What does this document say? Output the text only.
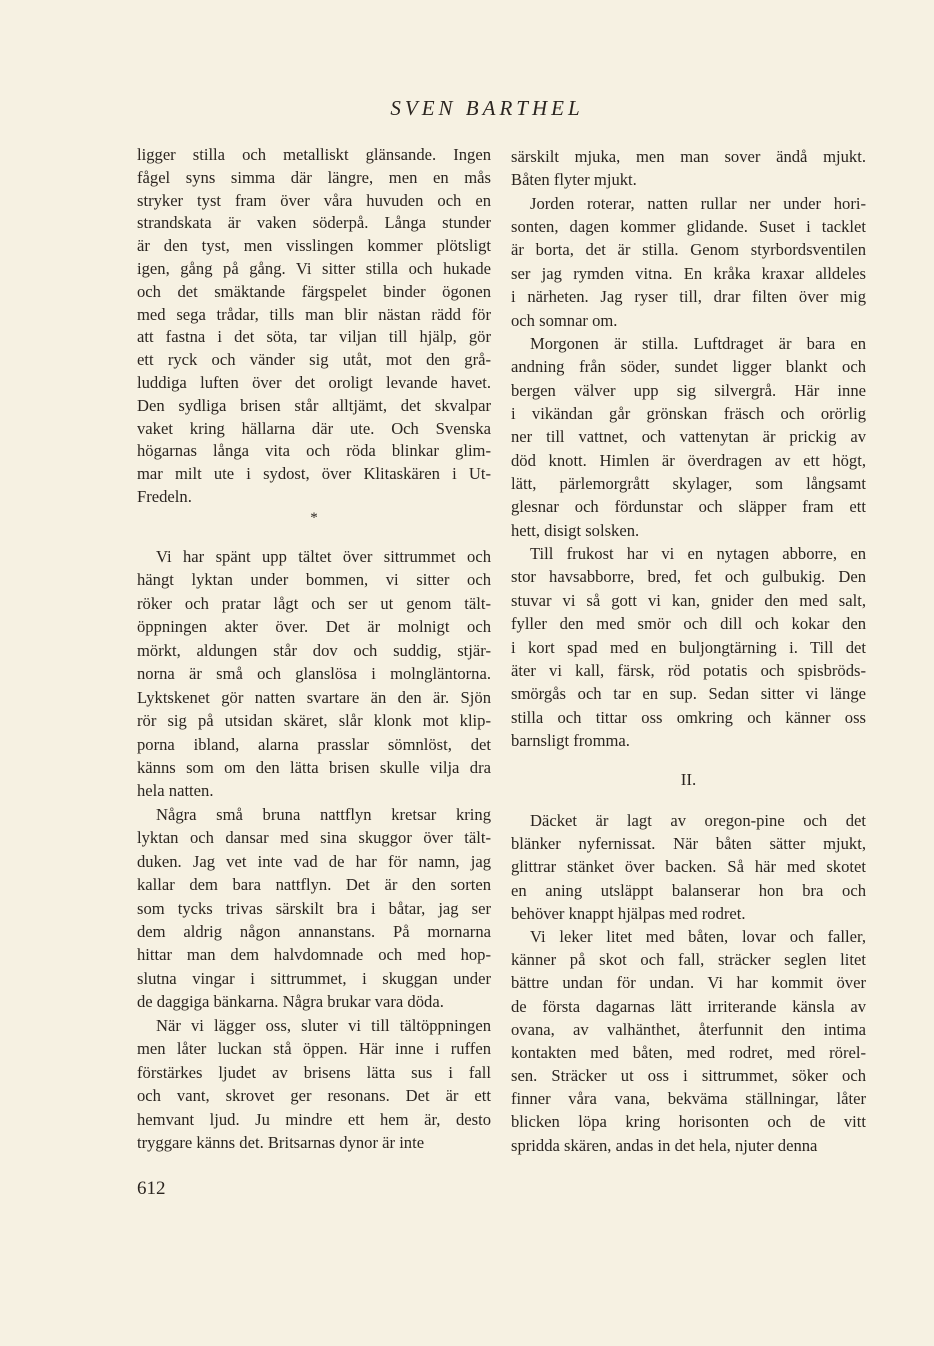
SVEN BARTHEL
ligger stilla och metalliskt glänsande. Ingen
fågel syns simma där längre, men en mås
stryker tyst fram över våra huvuden och en
strandskata är vaken söderpå. Långa stunder
är den tyst, men visslingen kommer plötsligt
igen, gång på gång. Vi sitter stilla och hukade
och det smäktande färgspelet binder ögonen
med sega trådar, tills man blir nästan rädd för
att fastna i det söta, tar viljan till hjälp, gör
ett ryck och vänder sig utåt, mot den grå-
luddiga luften över det oroligt levande havet.
Den sydliga brisen står alltjämt, det skvalpar
vaket kring hällarna där ute. Och Svenska
högarnas långa vita och röda blinkar glim-
mar milt ute i sydost, över Klitaskären i Ut-
Fredeln.
*
Vi har spänt upp tältet över sittrummet och
hängt lyktan under bommen, vi sitter och
röker och pratar lågt och ser ut genom tält-
öppningen akter över. Det är molnigt och
mörkt, aldungen står dov och suddig, stjär-
norna är små och glanslösa i molngläntorna.
Lyktskenet gör natten svartare än den är. Sjön
rör sig på utsidan skäret, slår klonk mot klip-
porna ibland, alarna prasslar sömnlöst, det
känns som om den lätta brisen skulle vilja dra
hela natten.
Några små bruna nattflyn kretsar kring
lyktan och dansar med sina skuggor över tält-
duken. Jag vet inte vad de har för namn, jag
kallar dem bara nattflyn. Det är den sorten
som tycks trivas särskilt bra i båtar, jag ser
dem aldrig någon annanstans. På mornarna
hittar man dem halvdomnade och med hop-
slutna vingar i sittrummet, i skuggan under
de daggiga bänkarna. Några brukar vara döda.
När vi lägger oss, sluter vi till tältöppningen
men låter luckan stå öppen. Här inne i ruffen
förstärkes ljudet av brisens lätta sus i fall
och vant, skrovet ger resonans. Det är ett
hemvant ljud. Ju mindre ett hem är, desto
tryggare känns det. Britsarnas dynor är inte
särskilt mjuka, men man sover ändå mjukt.
Båten flyter mjukt.
Jorden roterar, natten rullar ner under hori-
sonten, dagen kommer glidande. Suset i tacklet
är borta, det är stilla. Genom styrbordsventilen
ser jag rymden vitna. En kråka kraxar alldeles
i närheten. Jag ryser till, drar filten över mig
och somnar om.
Morgonen är stilla. Luftdraget är bara en
andning från söder, sundet ligger blankt och
bergen välver upp sig silvergrå. Här inne
i vikändan går grönskan fräsch och orörlig
ner till vattnet, och vattenytan är prickig av
död knott. Himlen är överdragen av ett högt,
lätt, pärlemorgrått skylager, som långsamt
glesnar och fördunstar och släpper fram ett
hett, disigt solsken.
Till frukost har vi en nytagen abborre, en
stor havsabborre, bred, fet och gulbukig. Den
stuvar vi så gott vi kan, gnider den med salt,
fyller den med smör och dill och kokar den
i kort spad med en buljongtärning i. Till det
äter vi kall, färsk, röd potatis och spisbröds-
smörgås och tar en sup. Sedan sitter vi länge
stilla och tittar oss omkring och känner oss
barnsligt fromma.
II.
Däcket är lagt av oregon-pine och det
blänker nyfernissat. När båten sätter mjukt,
glittrar stänket över backen. Så här med skotet
en aning utsläppt balanserar hon bra och
behöver knappt hjälpas med rodret.
Vi leker litet med båten, lovar och faller,
känner på skot och fall, sträcker seglen litet
bättre undan för undan. Vi har kommit över
de första dagarnas lätt irriterande känsla av
ovana, av valhänthet, återfunnit den intima
kontakten med båten, med rodret, med rörel-
sen. Sträcker ut oss i sittrummet, söker och
finner våra vana, bekväma ställningar, låter
blicken löpa kring horisonten och de vitt
spridda skären, andas in det hela, njuter denna
612
